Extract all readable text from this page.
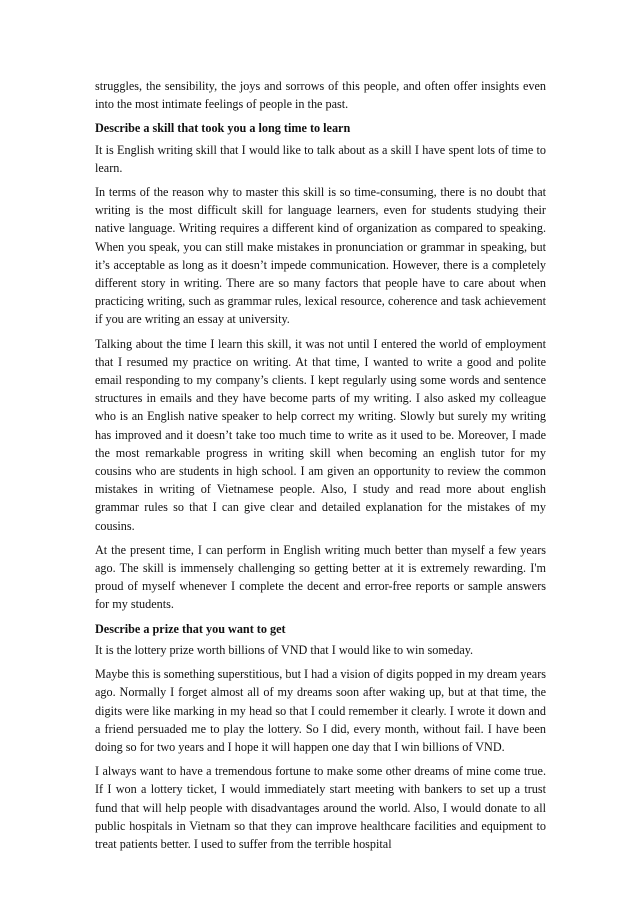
struggles, the sensibility, the joys and sorrows of this people, and often offer insights even into the most intimate feelings of people in the past.

Describe a skill that took you a long time to learn

It is English writing skill that I would like to talk about as a skill I have spent lots of time to learn.

In terms of the reason why to master this skill is so time-consuming, there is no doubt that writing is the most difficult skill for language learners, even for students studying their native language. Writing requires a different kind of organization as compared to speaking. When you speak, you can still make mistakes in pronunciation or grammar in speaking, but it’s acceptable as long as it doesn’t impede communication. However, there is a completely different story in writing. There are so many factors that people have to care about when practicing writing, such as grammar rules, lexical resource, coherence and task achievement if you are writing an essay at university.

Talking about the time I learn this skill, it was not until I entered the world of employment that I resumed my practice on writing. At that time, I wanted to write a good and polite email responding to my company’s clients. I kept regularly using some words and sentence structures in emails and they have become parts of my writing. I also asked my colleague who is an English native speaker to help correct my writing. Slowly but surely my writing has improved and it doesn’t take too much time to write as it used to be. Moreover, I made the most remarkable progress in writing skill when becoming an english tutor for my cousins who are students in high school. I am given an opportunity to review the common mistakes in writing of Vietnamese people. Also, I study and read more about english grammar rules so that I can give clear and detailed explanation for the mistakes of my cousins.

At the present time, I can perform in English writing much better than myself a few years ago. The skill is immensely challenging so getting better at it is extremely rewarding. I'm proud of myself whenever I complete the decent and error-free reports or sample answers for my students.

Describe a prize that you want to get

It is the lottery prize worth billions of VND that I would like to win someday.

Maybe this is something superstitious, but I had a vision of digits popped in my dream years ago. Normally I forget almost all of my dreams soon after waking up, but at that time, the digits were like marking in my head so that I could remember it clearly. I wrote it down and a friend persuaded me to play the lottery. So I did, every month, without fail. I have been doing so for two years and I hope it will happen one day that I win billions of VND.

I always want to have a tremendous fortune to make some other dreams of mine come true. If I won a lottery ticket, I would immediately start meeting with bankers to set up a trust fund that will help people with disadvantages around the world. Also, I would donate to all public hospitals in Vietnam so that they can improve healthcare facilities and equipment to treat patients better. I used to suffer from the terrible hospital
